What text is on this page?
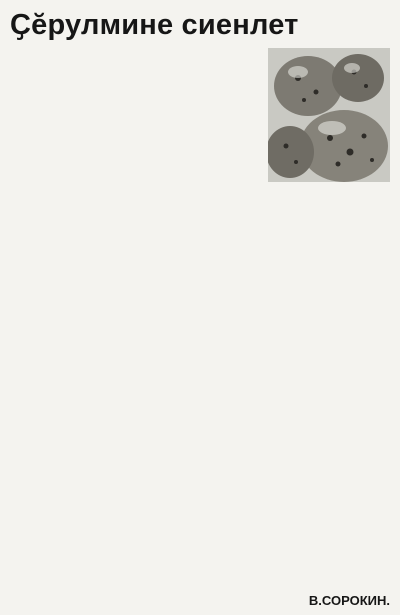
Ҫĕрулмине сиенлет

В.СОРОКИН.
